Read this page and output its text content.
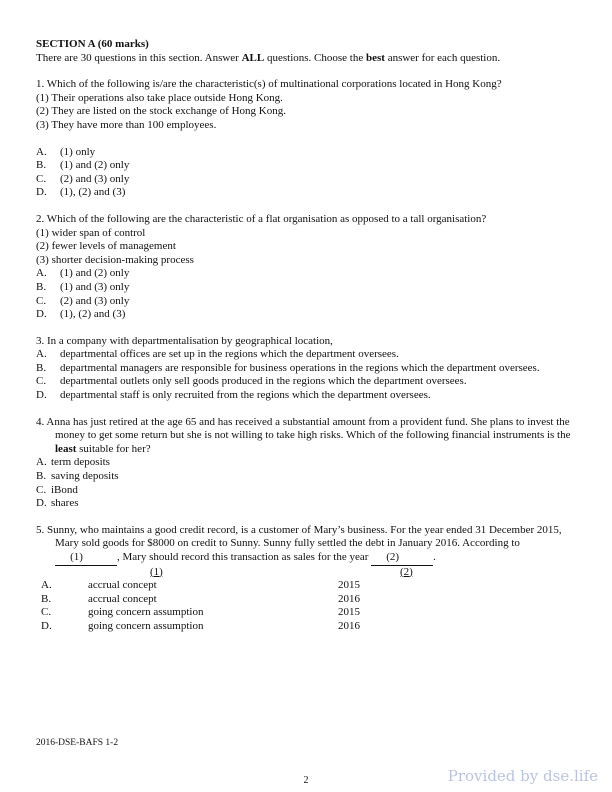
SECTION A (60 marks)
There are 30 questions in this section. Answer ALL questions. Choose the best answer for each question.
1. Which of the following is/are the characteristic(s) of multinational corporations located in Hong Kong?
(1) Their operations also take place outside Hong Kong.
(2) They are listed on the stock exchange of Hong Kong.
(3) They have more than 100 employees.
A.	(1) only
B.	(1) and (2) only
C.	(2) and (3) only
D.	(1), (2) and (3)
2. Which of the following are the characteristic of a flat organisation as opposed to a tall organisation?
(1) wider span of control
(2) fewer levels of management
(3) shorter decision-making process
A.	(1) and (2) only
B.	(1) and (3) only
C.	(2) and (3) only
D.	(1), (2) and (3)
3. In a company with departmentalisation by geographical location,
A.	departmental offices are set up in the regions which the department oversees.
B.	departmental managers are responsible for business operations in the regions which the department oversees.
C.	departmental outlets only sell goods produced in the regions which the department oversees.
D.	departmental staff is only recruited from the regions which the department oversees.
4. Anna has just retired at the age 65 and has received a substantial amount from a provident fund. She plans to invest the money to get some return but she is not willing to take high risks. Which of the following financial instruments is the least suitable for her?
A. term deposits
B. saving deposits
C. iBond
D. shares
5. Sunny, who maintains a good credit record, is a customer of Mary’s business. For the year ended 31 December 2015, Mary sold goods for $8000 on credit to Sunny. Sunny fully settled the debt in January 2016. According to (1)	, Mary should record this transaction as sales for the year (2)	.
(1)	(2)
A.	accrual concept	2015
B.	accrual concept	2016
C.	going concern assumption	2015
D.	going concern assumption	2016
2016-DSE-BAFS 1-2
2	Provided by dse.life
